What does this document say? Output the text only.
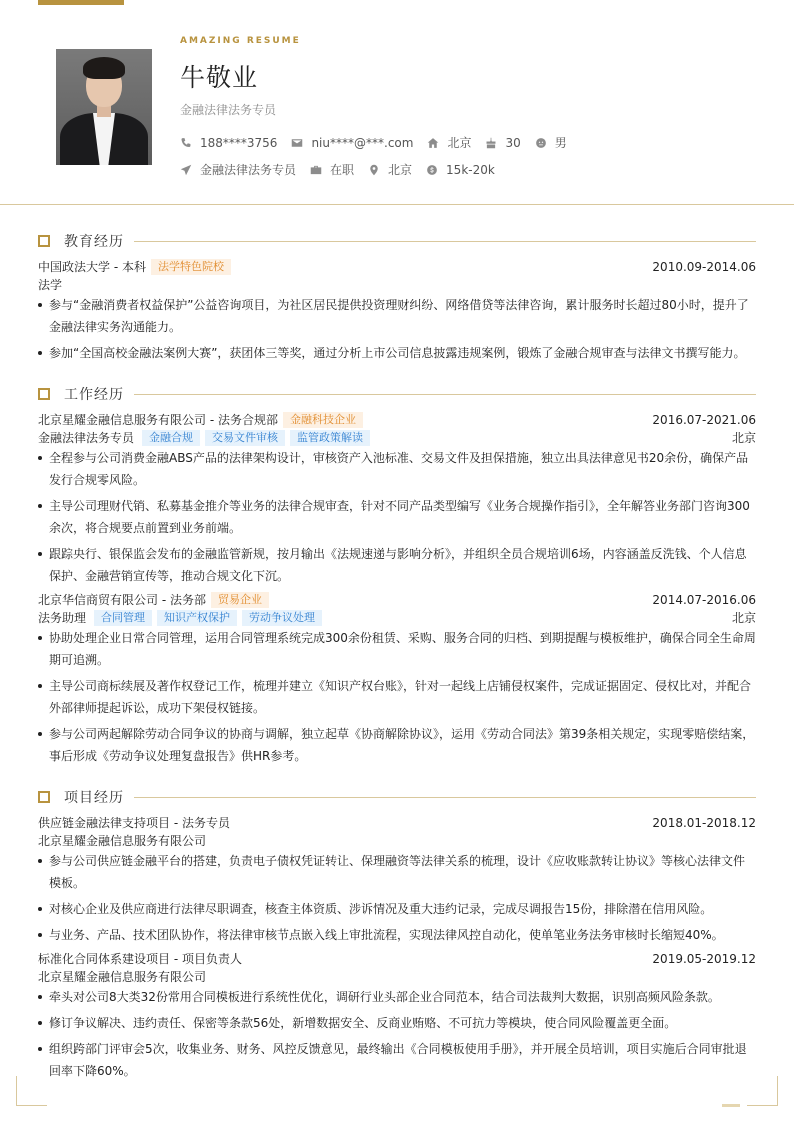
AMAZING RESUME
牛敬业
金融法律法务专员
188****3756	niu****@***.com	北京	30	男
金融法律法务专员	在职	北京	15k-20k
教育经历
中国政法大学 - 本科	法学特色院校	2010.09-2014.06
法学
参与“金融消费者权益保护”公益咨询项目，为社区居民提供投资理财纠纷、网络借贷等法律咨询，累计服务时长超过80小时，提升了金融法律实务沟通能力。
参加“全国高校金融法案例大赛”，获团体三等奖，通过分析上市公司信息披露违规案例，锻炼了金融合规审查与法律文书撰写能力。
工作经历
北京星耀金融信息服务有限公司 - 法务合规部	金融科技企业	2016.07-2021.06
金融法律法务专员	金融合规	交易文件审核	监管政策解读	北京
全程参与公司消费金融ABS产品的法律架构设计，审核资产入池标准、交易文件及担保措施，独立出具法律意见书20余份，确保产品发行合规零风险。
主导公司理财代销、私募基金推介等业务的法律合规审查，针对不同产品类型编写《业务合规操作指引》，全年解答业务部门咨询300余次，将合规要点前置到业务前端。
跟踪央行、银保监会发布的金融监管新规，按月输出《法规速递与影响分析》，并组织全员合规培训6场，内容涵盖反洗钱、个人信息保护、金融营销宣传等，推动合规文化下沉。
北京华信商贸有限公司 - 法务部	贸易企业	2014.07-2016.06
法务助理	合同管理	知识产权保护	劳动争议处理	北京
协助处理企业日常合同管理，运用合同管理系统完成300余份租赁、采购、服务合同的归档、到期提醒与模板维护，确保合同全生命周期可追溯。
主导公司商标续展及著作权登记工作，梳理并建立《知识产权台账》，针对一起线上店铺侵权案件，完成证据固定、侵权比对，并配合外部律师提起诉讼，成功下架侵权链接。
参与公司两起解除劳动合同争议的协商与调解，独立起草《协商解除协议》，运用《劳动合同法》第39条相关规定，实现零赔偿结案，事后形成《劳动争议处理复盘报告》供HR参考。
项目经历
供应链金融法律支持项目 - 法务专员	2018.01-2018.12
北京星耀金融信息服务有限公司
参与公司供应链金融平台的搭建，负责电子债权凭证转让、保理融资等法律关系的梳理，设计《应收账款转让协议》等核心法律文件模板。
对核心企业及供应商进行法律尽职调查，核查主体资质、涉诉情况及重大违约记录，完成尽调报告15份，排除潜在信用风险。
与业务、产品、技术团队协作，将法律审核节点嵌入线上审批流程，实现法律风控自动化，使单笔业务法务审核时长缩短40%。
标准化合同体系建设项目 - 项目负责人	2019.05-2019.12
北京星耀金融信息服务有限公司
牵头对公司8大类32份常用合同模板进行系统性优化，调研行业头部企业合同范本，结合司法裁判大数据，识别高频风险条款。
修订争议解决、违约责任、保密等条款56处，新增数据安全、反商业贿赂、不可抗力等模块，使合同风险覆盖更全面。
组织跨部门评审会5次，收集业务、财务、风控反馈意见，最终输出《合同模板使用手册》，并开展全员培训，项目实施后合同审批退回率下降60%。
